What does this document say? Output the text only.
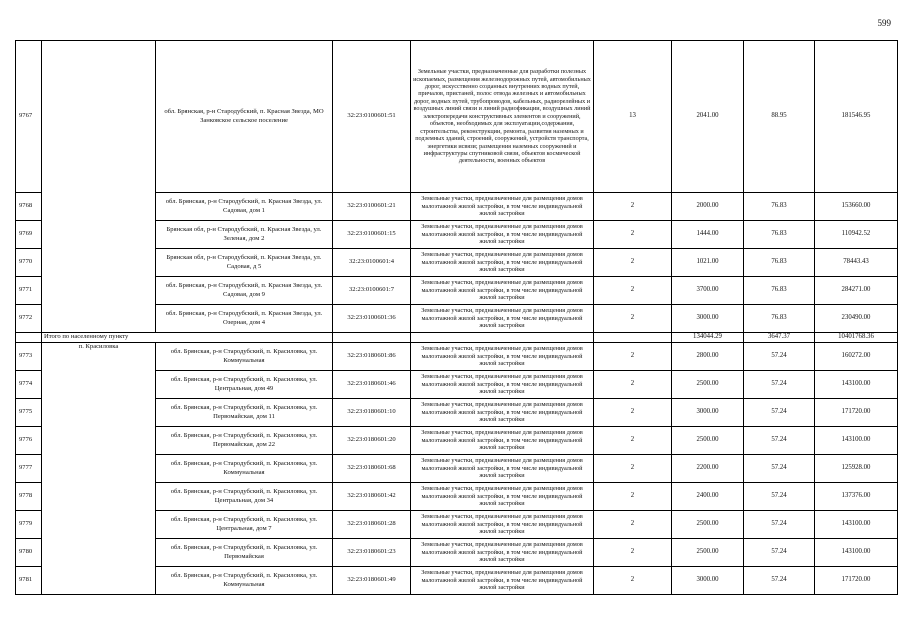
599
9767		обл. Брянская, р-н Стародубский, п. Красная Звезда, МО Занковское сельское поселение	32:23:0100601:51	Земельные участки, предназначенные для разработки полезных ископаемых, размещения железнодорожных путей, автомобильных дорог, искусственно созданных внутренних водных путей, причалов, пристаней, полос отвода железных и автомобильных дорог, водных путей, трубопроводов, кабельных, радиорелейных и воздушных линий связи и линий радиофикации, воздушных линий электропередачи конструктивных элементов и сооружений, объектов, необходимых для эксплуатации,содержания, строительства, реконструкции, ремонта, развития наземных и подземных зданий, строений, сооружений, устройств транспорта, энергетики исвязи; размещения наземных сооружений и инфраструктуры спутниковой связи, объектов космической деятельности, военных объектов	13	2041.00	88.95	181546.95
9768		обл. Брянская, р-н Стародубский, п. Красная Звезда, ул. Садовая, дом 1	32:23:0100601:21	Земельные участки, предназначенные для размещения домов малоэтажной жилой застройки, в том числе индивидуальной жилой застройки	2	2000.00	76.83	153660.00
9769		Брянская обл, р-н Стародубский, п. Красная Звезда, ул. Зеленая, дом 2	32:23:0100601:15	Земельные участки, предназначенные для размещения домов малоэтажной жилой застройки, в том числе индивидуальной жилой застройки	2	1444.00	76.83	110942.52
9770		Брянская обл, р-н Стародубский, п. Красная Звезда, ул. Садовая, д 5	32:23:0100601:4	Земельные участки, предназначенные для размещения домов малоэтажной жилой застройки, в том числе индивидуальной жилой застройки	2	1021.00	76.83	78443.43
9771		обл. Брянская, р-н Стародубский, п. Красная Звезда, ул. Садовая, дом 9	32:23:0100601:7	Земельные участки, предназначенные для размещения домов малоэтажной жилой застройки, в том числе индивидуальной жилой застройки	2	3700.00	76.83	284271.00
9772		обл. Брянская, р-н Стародубский, п. Красная Звезда, ул. Озерная, дом 4	32:23:0100601:36	Земельные участки, предназначенные для размещения домов малоэтажной жилой застройки, в том числе индивидуальной жилой застройки	2	3000.00	76.83	230490.00
	Итого по населенному пункту					134044.29	3647.37	10401768.36
9773	п. Красиловка	обл. Брянская, р-н Стародубский, п. Красиловка, ул. Коммунальная	32:23:0180601:86	Земельные участки, предназначенные для размещения домов малоэтажной жилой застройки, в том числе индивидуальной жилой застройки	2	2800.00	57.24	160272.00
9774		обл. Брянская, р-н Стародубский, п. Красиловка, ул. Центральная, дом 49	32:23:0180601:46	Земельные участки, предназначенные для размещения домов малоэтажной жилой застройки, в том числе индивидуальной жилой застройки	2	2500.00	57.24	143100.00
9775		обл. Брянская, р-н Стародубский, п. Красиловка, ул. Первомайская, дом 11	32:23:0180601:10	Земельные участки, предназначенные для размещения домов малоэтажной жилой застройки, в том числе индивидуальной жилой застройки	2	3000.00	57.24	171720.00
9776		обл. Брянская, р-н Стародубский, п. Красиловка, ул. Первомайская, дом 22	32:23:0180601:20	Земельные участки, предназначенные для размещения домов малоэтажной жилой застройки, в том числе индивидуальной жилой застройки	2	2500.00	57.24	143100.00
9777		обл. Брянская, р-н Стародубский, п. Красиловка, ул. Коммунальная	32:23:0180601:68	Земельные участки, предназначенные для размещения домов малоэтажной жилой застройки, в том числе индивидуальной жилой застройки	2	2200.00	57.24	125928.00
9778		обл. Брянская, р-н Стародубский, п. Красиловка, ул. Центральная, дом 34	32:23:0180601:42	Земельные участки, предназначенные для размещения домов малоэтажной жилой застройки, в том числе индивидуальной жилой застройки	2	2400.00	57.24	137376.00
9779		обл. Брянская, р-н Стародубский, п. Красиловка, ул. Центральная, дом 7	32:23:0180601:28	Земельные участки, предназначенные для размещения домов малоэтажной жилой застройки, в том числе индивидуальной жилой застройки	2	2500.00	57.24	143100.00
9780		обл. Брянская, р-н Стародубский, п. Красиловка, ул. Первомайская	32:23:0180601:23	Земельные участки, предназначенные для размещения домов малоэтажной жилой застройки, в том числе индивидуальной жилой застройки	2	2500.00	57.24	143100.00
9781		обл. Брянская, р-н Стародубский, п. Красиловка, ул. Коммунальная	32:23:0180601:49	Земельные участки, предназначенные для размещения домов малоэтажной жилой застройки, в том числе индивидуальной жилой застройки	2	3000.00	57.24	171720.00
